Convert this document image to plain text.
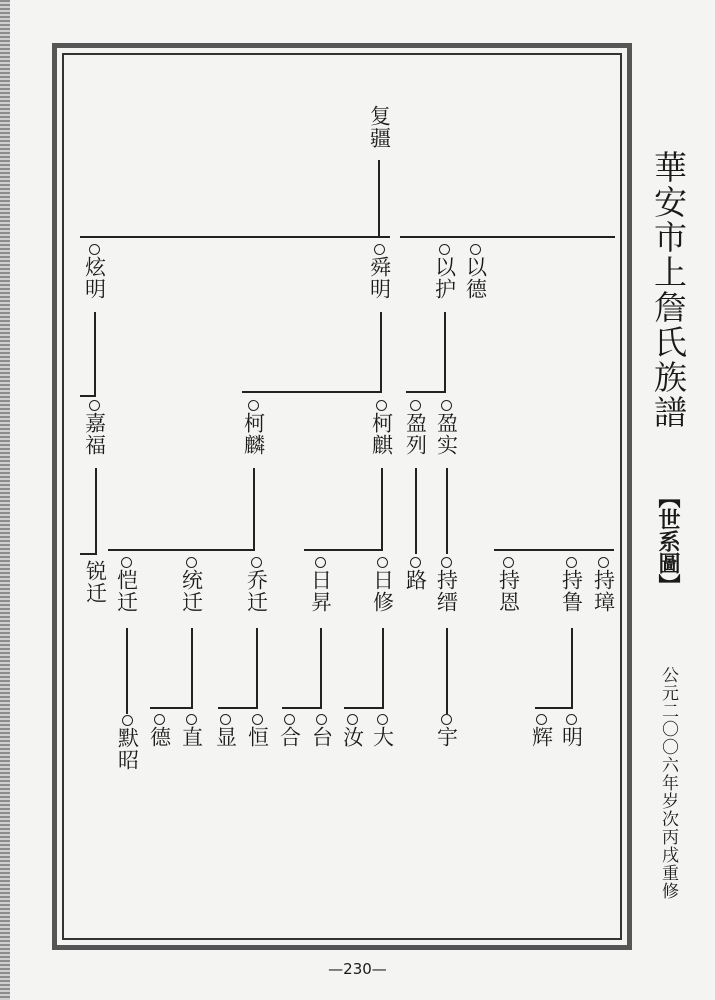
華安市上詹氏族譜
【世系圖】
公元二〇〇六年岁次丙戌重修
—230—
复疆
炫明	舜明 以护 以德
嘉福	柯麟	柯麒 盈列 盈实
锐迁 恺迁 统迁 乔迁 日昇 日修 路 持缙 持恩 持鲁 持璋
默昭 德 直 显 恒 合 台 汝 大 宇	辉 明
